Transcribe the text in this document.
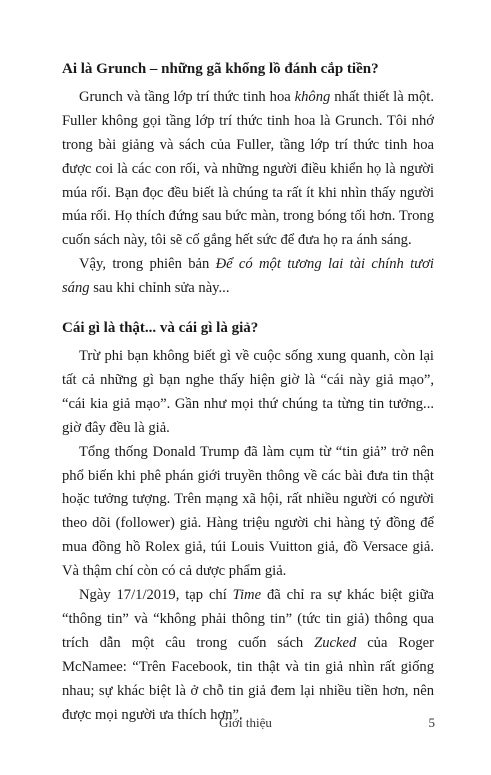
Ai là Grunch – những gã khổng lồ đánh cắp tiền?

Grunch và tầng lớp trí thức tinh hoa không nhất thiết là một. Fuller không gọi tầng lớp trí thức tinh hoa là Grunch. Tôi nhớ trong bài giảng và sách của Fuller, tầng lớp trí thức tinh hoa được coi là các con rối, và những người điều khiển họ là người múa rối. Bạn đọc đều biết là chúng ta rất ít khi nhìn thấy người múa rối. Họ thích đứng sau bức màn, trong bóng tối hơn. Trong cuốn sách này, tôi sẽ cố gắng hết sức để đưa họ ra ánh sáng.

Vậy, trong phiên bản Để có một tương lai tài chính tươi sáng sau khi chỉnh sửa này...

Cái gì là thật... và cái gì là giả?

Trừ phi bạn không biết gì về cuộc sống xung quanh, còn lại tất cả những gì bạn nghe thấy hiện giờ là “cái này giả mạo”, “cái kia giả mạo”. Gần như mọi thứ chúng ta từng tin tưởng... giờ đây đều là giả.

Tổng thống Donald Trump đã làm cụm từ “tin giả” trở nên phổ biến khi phê phán giới truyền thông về các bài đưa tin thật hoặc tưởng tượng. Trên mạng xã hội, rất nhiều người có người theo dõi (follower) giả. Hàng triệu người chi hàng tỷ đồng để mua đồng hồ Rolex giả, túi Louis Vuitton giả, đồ Versace giả. Và thậm chí còn có cả dược phẩm giả.

Ngày 17/1/2019, tạp chí Time đã chỉ ra sự khác biệt giữa “thông tin” và “không phải thông tin” (tức tin giả) thông qua trích dẫn một câu trong cuốn sách Zucked của Roger McNamee: “Trên Facebook, tin thật và tin giả nhìn rất giống nhau; sự khác biệt là ở chỗ tin giả đem lại nhiều tiền hơn, nên được mọi người ưa thích hơn”.

Giới thiệu	5
